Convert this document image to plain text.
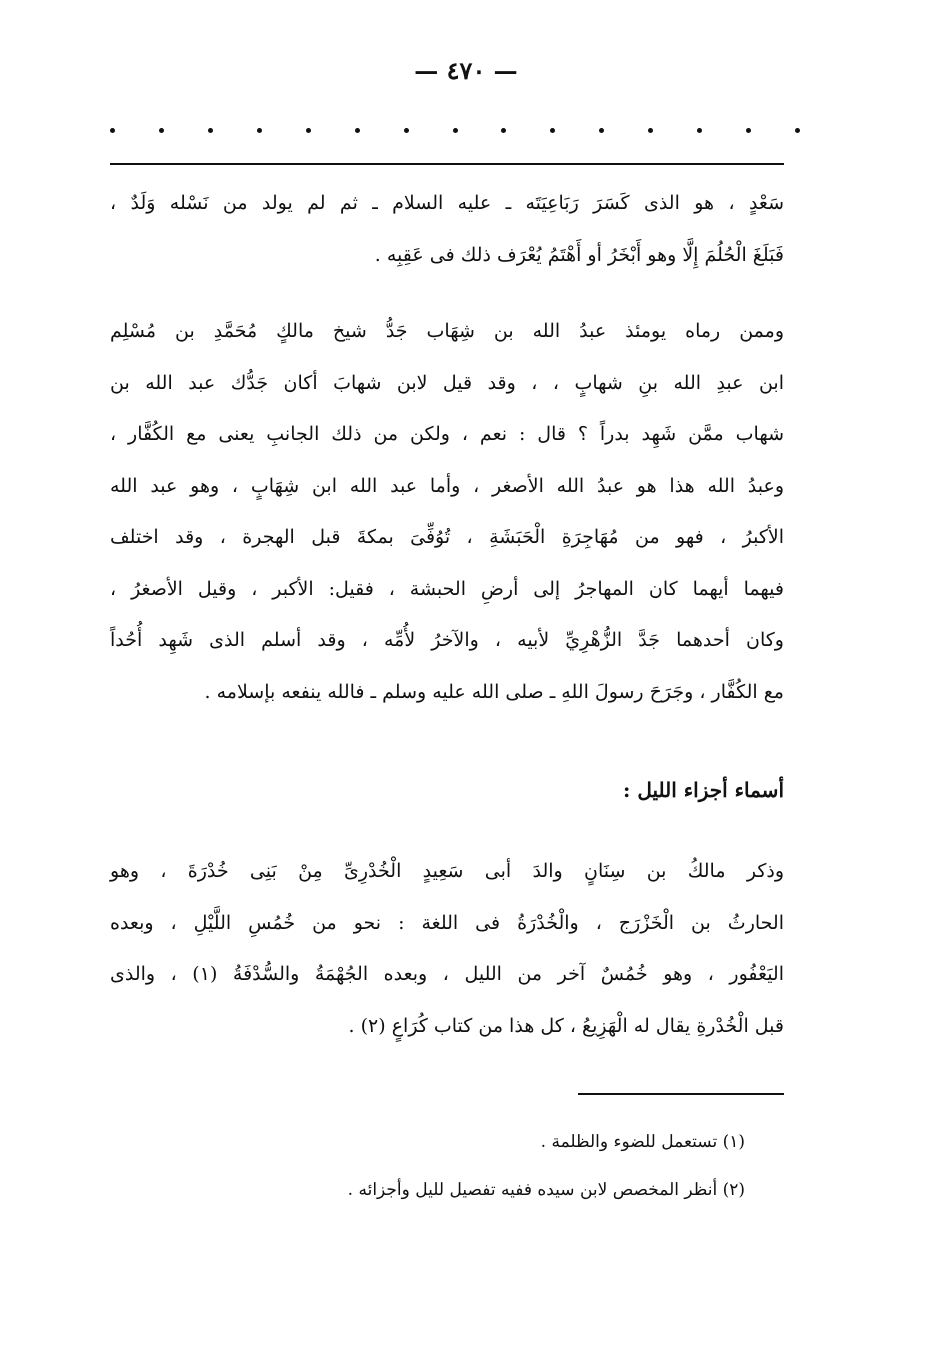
— ٤٧٠ —
سَعْدٍ ، هو الذى كَسَرَ رَبَاعِيَتَه ـ عليه السلام ـ ثم لم يولد من نَسْله وَلَدٌ ،
فَبَلَغَ الْحُلُمَ إِلَّا وهو أَبْخَرُ أو أَهْتَمُ يُعْرَف ذلك فى عَقِبِه .
وممن رماه يومئذ عبدُ الله بن شِهَاب جَدُّ شيخ مالكٍ مُحَمَّدِ بن مُسْلِم
ابن عبدِ الله بنِ شهابٍ ، ، وقد قيل لابن شهابَ أكان جَدُّك عبد الله بن
شهاب ممَّن شَهِد بدراً ؟ قال : نعم ، ولكن من ذلك الجانبِ يعنى مع الكُفَّار ،
وعبدُ الله هذا هو عبدُ الله الأصغر ، وأما عبد الله ابن شِهَابٍ ، وهو عبد الله
الأكبرُ ، فهو من مُهَاجِرَةِ الْحَبَشَةِ ، تُوُفِّىَ بمكةَ قبل الهجرة ، وقد اختلف
فيهما أيهما كان المهاجرُ إلى أرضِ الحبشة ، فقيل: الأكبر ، وقيل الأصغرُ ،
وكان أحدهما جَدَّ الزُّهْرِيِّ لأبيه ، والآخرُ لأُمِّه ، وقد أسلم الذى شَهِد أُحُداً
مع الكُفَّار ، وجَرَحَ رسولَ اللهِ ـ صلى الله عليه وسلم ـ فالله ينفعه بإسلامه .
أسماء أجزاء الليل :
وذكر مالكُ بن سِنَانٍ والدَ أبى سَعِيدٍ الْخُدْرِىِّ مِنْ بَنِى خُدْرَةَ ، وهو
الحارثُ بن الْخَزْرَج ، والْخُدْرَةُ فى اللغة : نحو من خُمُسِ اللَّيْلِ ، وبعده
اليَعْفُور ، وهو خُمُسٌ آخر من الليل ، وبعده الجُهْمَةُ والسُّدْفَةُ (١) ، والذى
قبل الْخُدْرةِ يقال له الْهَزِيعُ ، كل هذا من كتاب كُرَاعٍ (٢) .
(١) تستعمل للضوء والظلمة .
(٢) أنظر المخصص لابن سيده ففيه تفصيل لليل وأجزائه .
